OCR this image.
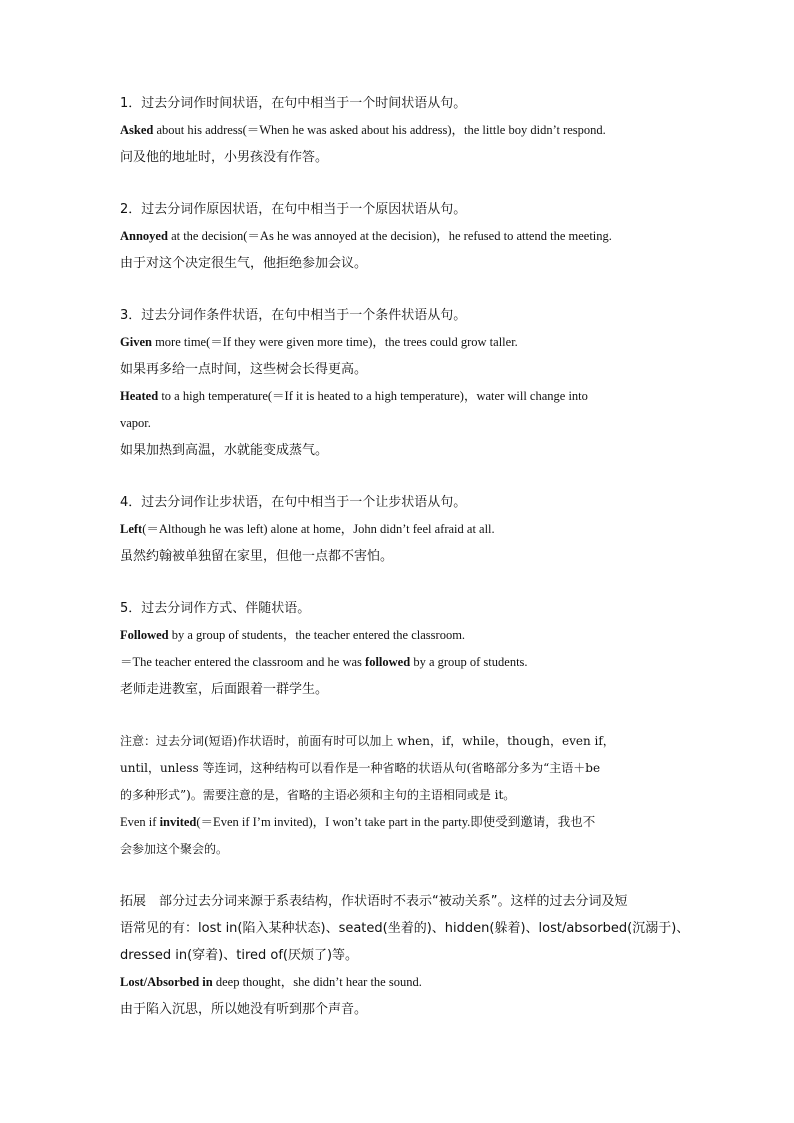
1．过去分词作时间状语，在句中相当于一个时间状语从句。
Asked about his address(＝When he was asked about his address)，the little boy didn’t respond.
问及他的地址时，小男孩没有作答。
2．过去分词作原因状语，在句中相当于一个原因状语从句。
Annoyed at the decision(＝As he was annoyed at the decision)，he refused to attend the meeting.
由于对这个决定很生气，他拒绝参加会议。
3．过去分词作条件状语，在句中相当于一个条件状语从句。
Given more time(＝If they were given more time)，the trees could grow taller.
如果再多给一点时间，这些树会长得更高。
Heated to a high temperature(＝If it is heated to a high temperature)，water will change into
vapor.
如果加热到高温，水就能变成蒸气。
4．过去分词作让步状语，在句中相当于一个让步状语从句。
Left(＝Although he was left) alone at home，John didn’t feel afraid at all.
虽然约翰被单独留在家里，但他一点都不害怕。
5．过去分词作方式、伴随状语。
Followed by a group of students，the teacher entered the classroom.
＝The teacher entered the classroom and he was followed by a group of students.
老师走进教室，后面跟着一群学生。
注意：过去分词(短语)作状语时，前面有时可以加上 when，if，while，though，even if，
until，unless 等连词，这种结构可以看作是一种省略的状语从句(省略部分多为“主语＋be
的多种形式”)。需要注意的是，省略的主语必须和主句的主语相同或是 it。
Even if invited(＝Even if I’m invited)，I won’t take part in the party.即使受到邀请，我也不
会参加这个聚会的。
拓展　部分过去分词来源于系表结构，作状语时不表示“被动关系”。这样的过去分词及短
语常见的有：lost in(陷入某种状态)、seated(坐着的)、hidden(躲着)、lost/absorbed(沉溺于)、
dressed in(穿着)、tired of(厌烦了)等。
Lost/Absorbed in deep thought，she didn’t hear the sound.
由于陷入沉思，所以她没有听到那个声音。
